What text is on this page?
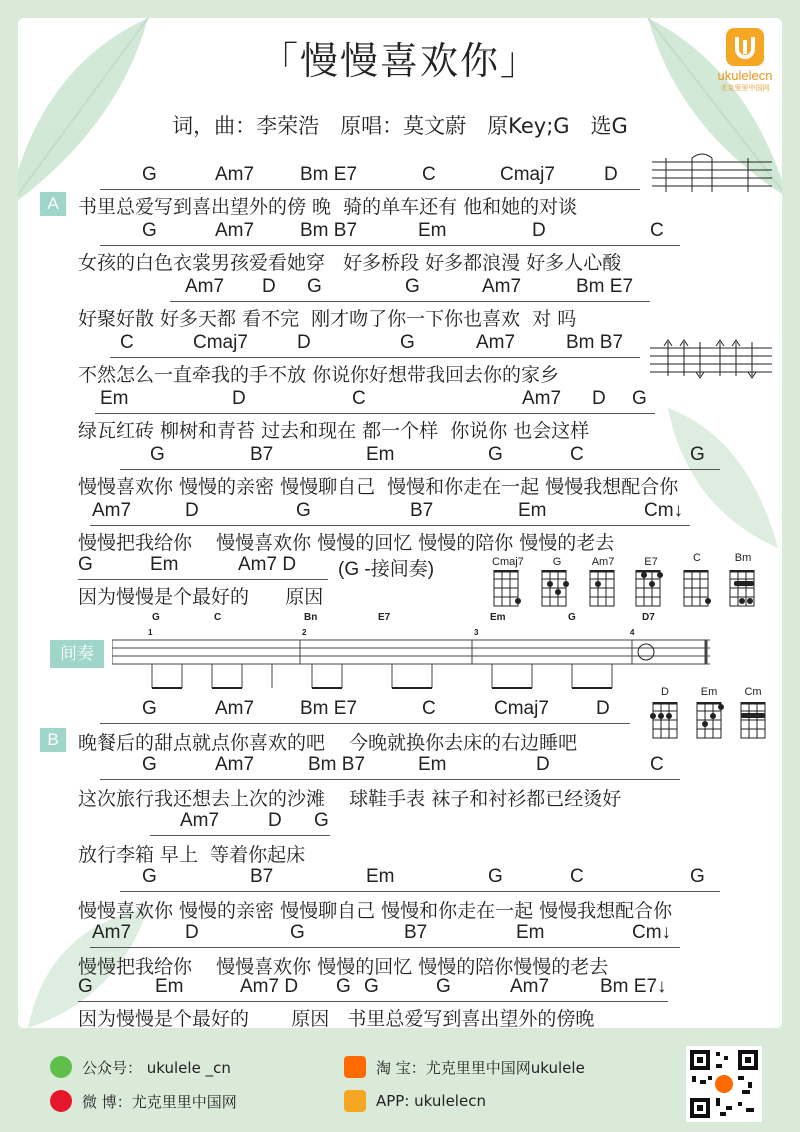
「慢慢喜欢你」
词，曲：李荣浩　原唱：莫文蔚　原Key;G　选G
ukulelecn
尤克里里中国网
A
B
间奏
G	Am7 Bm E7	C	Cmaj7	D
书里总爱写到喜出望外的傍 晚  骑的单车还有 他和她的对谈
G	Am7 Bm B7	Em	D	C
女孩的白色衣裳男孩爱看她穿   好多桥段 好多都浪漫 好多人心酸
Am7 D G	G	Am7	Bm E7
好聚好散 好多天都 看不完  刚才吻了你一下你也喜欢  对 吗
C	Cmaj7	D	G	Am7	Bm B7
不然怎么一直牵我的手不放 你说你好想带我回去你的家乡
Em	D	C	Am7 D G
绿瓦红砖 柳树和青苔 过去和现在 都一个样  你说你 也会这样
G	B7	Em	G	C	G
慢慢喜欢你 慢慢的亲密 慢慢聊自己  慢慢和你走在一起 慢慢我想配合你
Am7	D	G	B7	Em	Cm↓
慢慢把我给你    慢慢喜欢你 慢慢的回忆 慢慢的陪你 慢慢的老去
G	Em	Am7 D (G -接间奏)
因为慢慢是个最好的      原因
Cmaj7	G	Am7	E7	C	Bm
G	C	Bn	E7	Em	G	D7
1	2	3	4
D	Em	Cm
G	Am7 Bm E7	C	Cmaj7 D
晚餐后的甜点就点你喜欢的吧    今晚就换你去床的右边睡吧
G	Am7	Bm B7	Em	D	C
这次旅行我还想去上次的沙滩    球鞋手表 袜子和衬衫都已经烫好
Am7	D G
放行李箱 早上  等着你起床
G	B7	Em	G	C	G
慢慢喜欢你 慢慢的亲密 慢慢聊自己 慢慢和你走在一起 慢慢我想配合你
Am7	D	G	B7	Em	Cm↓
慢慢把我给你    慢慢喜欢你 慢慢的回忆 慢慢的陪你慢慢的老去
G	Em	Am7 D G G	G	Am7	Bm E7↓
因为慢慢是个最好的       原因   书里总爱写到喜出望外的傍晚
公众号： ukulele _cn
微 博：尤克里里中国网
淘 宝：尤克里里中国网ukulele
APP: ukulelecn
